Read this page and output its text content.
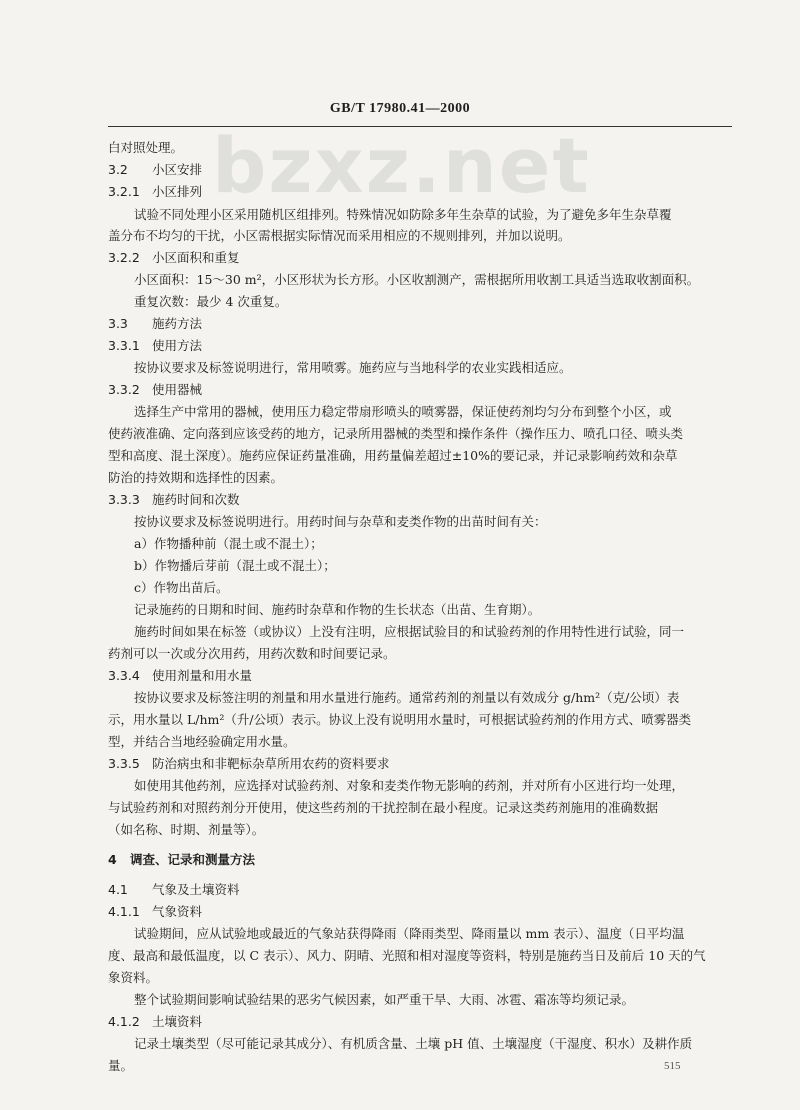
GB/T 17980.41—2000
bzxz.net
白对照处理。
3.2 小区安排
3.2.1 小区排列
试验不同处理小区采用随机区组排列。特殊情况如防除多年生杂草的试验，为了避免多年生杂草覆
盖分布不均匀的干扰，小区需根据实际情况而采用相应的不规则排列，并加以说明。
3.2.2 小区面积和重复
小区面积：15～30 m²，小区形状为长方形。小区收割测产，需根据所用收割工具适当选取收割面积。
重复次数：最少 4 次重复。
3.3 施药方法
3.3.1 使用方法
按协议要求及标签说明进行，常用喷雾。施药应与当地科学的农业实践相适应。
3.3.2 使用器械
选择生产中常用的器械，使用压力稳定带扇形喷头的喷雾器，保证使药剂均匀分布到整个小区，或
使药液准确、定向落到应该受药的地方，记录所用器械的类型和操作条件（操作压力、喷孔口径、喷头类
型和高度、混土深度）。施药应保证药量准确，用药量偏差超过±10%的要记录，并记录影响药效和杂草
防治的持效期和选择性的因素。
3.3.3 施药时间和次数
按协议要求及标签说明进行。用药时间与杂草和麦类作物的出苗时间有关：
a）作物播种前（混土或不混土）；
b）作物播后芽前（混土或不混土）；
c）作物出苗后。
记录施药的日期和时间、施药时杂草和作物的生长状态（出苗、生育期）。
施药时间如果在标签（或协议）上没有注明，应根据试验目的和试验药剂的作用特性进行试验，同一
药剂可以一次或分次用药，用药次数和时间要记录。
3.3.4 使用剂量和用水量
按协议要求及标签注明的剂量和用水量进行施药。通常药剂的剂量以有效成分 g/hm²（克/公顷）表
示，用水量以 L/hm²（升/公顷）表示。协议上没有说明用水量时，可根据试验药剂的作用方式、喷雾器类
型，并结合当地经验确定用水量。
3.3.5 防治病虫和非靶标杂草所用农药的资料要求
如使用其他药剂，应选择对试验药剂、对象和麦类作物无影响的药剂，并对所有小区进行均一处理，
与试验药剂和对照药剂分开使用，使这些药剂的干扰控制在最小程度。记录这类药剂施用的准确数据
（如名称、时期、剂量等）。
4 调查、记录和测量方法
4.1 气象及土壤资料
4.1.1 气象资料
试验期间，应从试验地或最近的气象站获得降雨（降雨类型、降雨量以 mm 表示）、温度（日平均温
度、最高和最低温度，以 C 表示）、风力、阴晴、光照和相对湿度等资料，特别是施药当日及前后 10 天的气
象资料。
整个试验期间影响试验结果的恶劣气候因素，如严重干旱、大雨、冰雹、霜冻等均须记录。
4.1.2 土壤资料
记录土壤类型（尽可能记录其成分）、有机质含量、土壤 pH 值、土壤湿度（干湿度、积水）及耕作质
量。	515
